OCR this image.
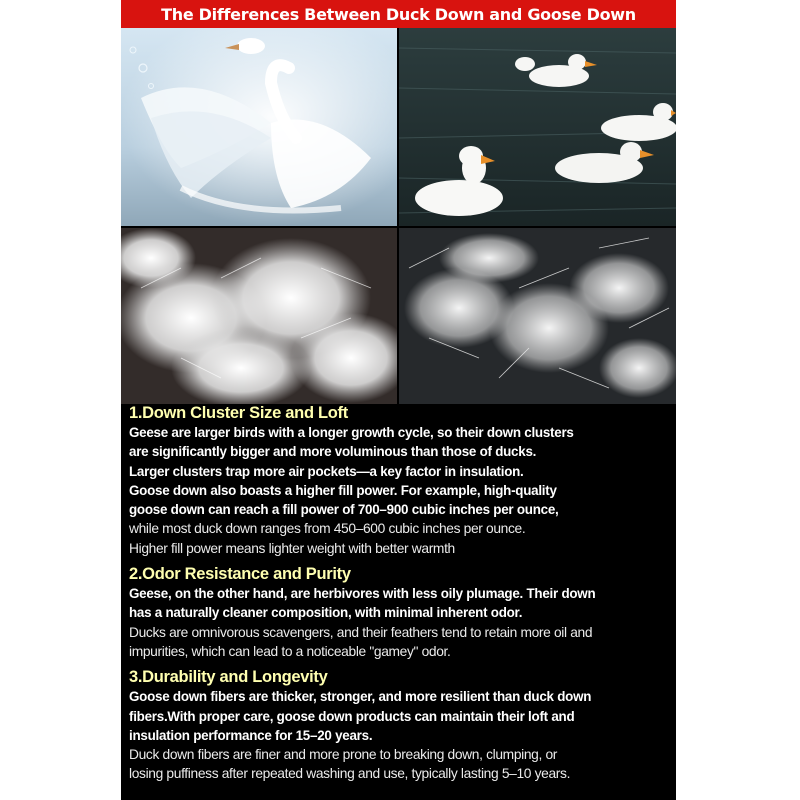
The Differences Between Duck Down and Goose Down
1.Down Cluster Size and Loft
Geese are larger birds with a longer growth cycle, so their down clusters
are significantly bigger and more voluminous than those of ducks.
Larger clusters trap more air pockets—a key factor in insulation.
Goose down also boasts a higher fill power. For example, high-quality
goose down can reach a fill power of 700–900 cubic inches per ounce,
while most duck down ranges from 450–600 cubic inches per ounce.
Higher fill power means lighter weight with better warmth
2.Odor Resistance and Purity
Geese, on the other hand, are herbivores with less oily plumage. Their down
has a naturally cleaner composition, with minimal inherent odor.
Ducks are omnivorous scavengers, and their feathers tend to retain more oil and
impurities, which can lead to a noticeable "gamey" odor.
3.Durability and Longevity
Goose down fibers are thicker, stronger, and more resilient than duck down
fibers.With proper care, goose down products can maintain their loft and
insulation performance for 15–20 years.
Duck down fibers are finer and more prone to breaking down, clumping, or
losing puffiness after repeated washing and use, typically lasting 5–10 years.
